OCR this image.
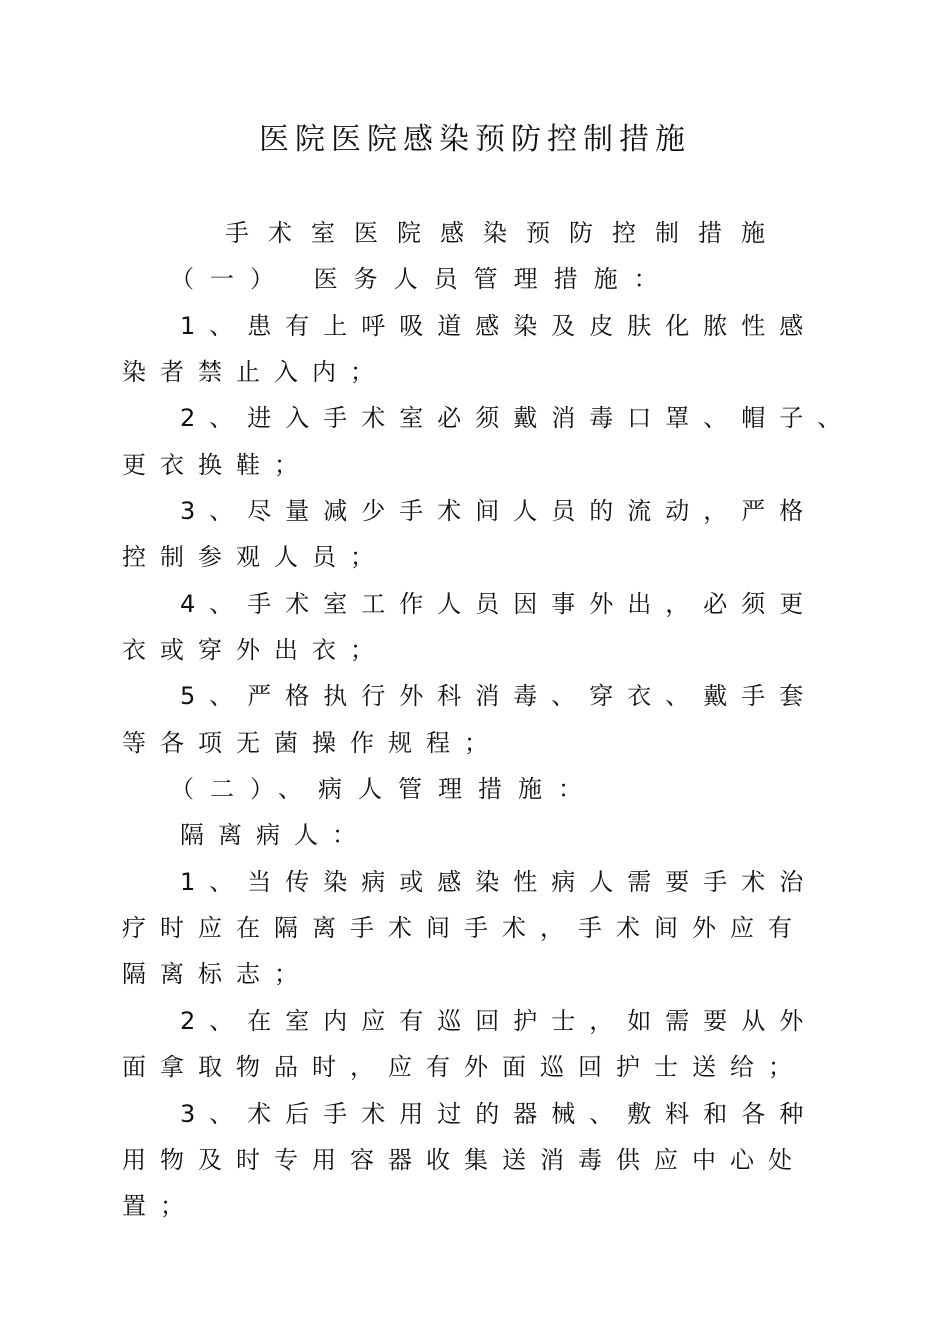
医院医院感染预防控制措施
手术室医院感染预防控制措施
（一） 医务人员管理措施：
1、患有上呼吸道感染及皮肤化脓性感
染者禁止入内；
2、进入手术室必须戴消毒口罩、帽子、
更衣换鞋；
3、尽量减少手术间人员的流动，严格
控制参观人员；
4、手术室工作人员因事外出，必须更
衣或穿外出衣；
5、严格执行外科消毒、穿衣、戴手套
等各项无菌操作规程；
（二）、病人管理措施：
隔离病人：
1、当传染病或感染性病人需要手术治
疗时应在隔离手术间手术，手术间外应有
隔离标志；
2、在室内应有巡回护士，如需要从外
面拿取物品时，应有外面巡回护士送给；
3、术后手术用过的器械、敷料和各种
用物及时专用容器收集送消毒供应中心处
置；
